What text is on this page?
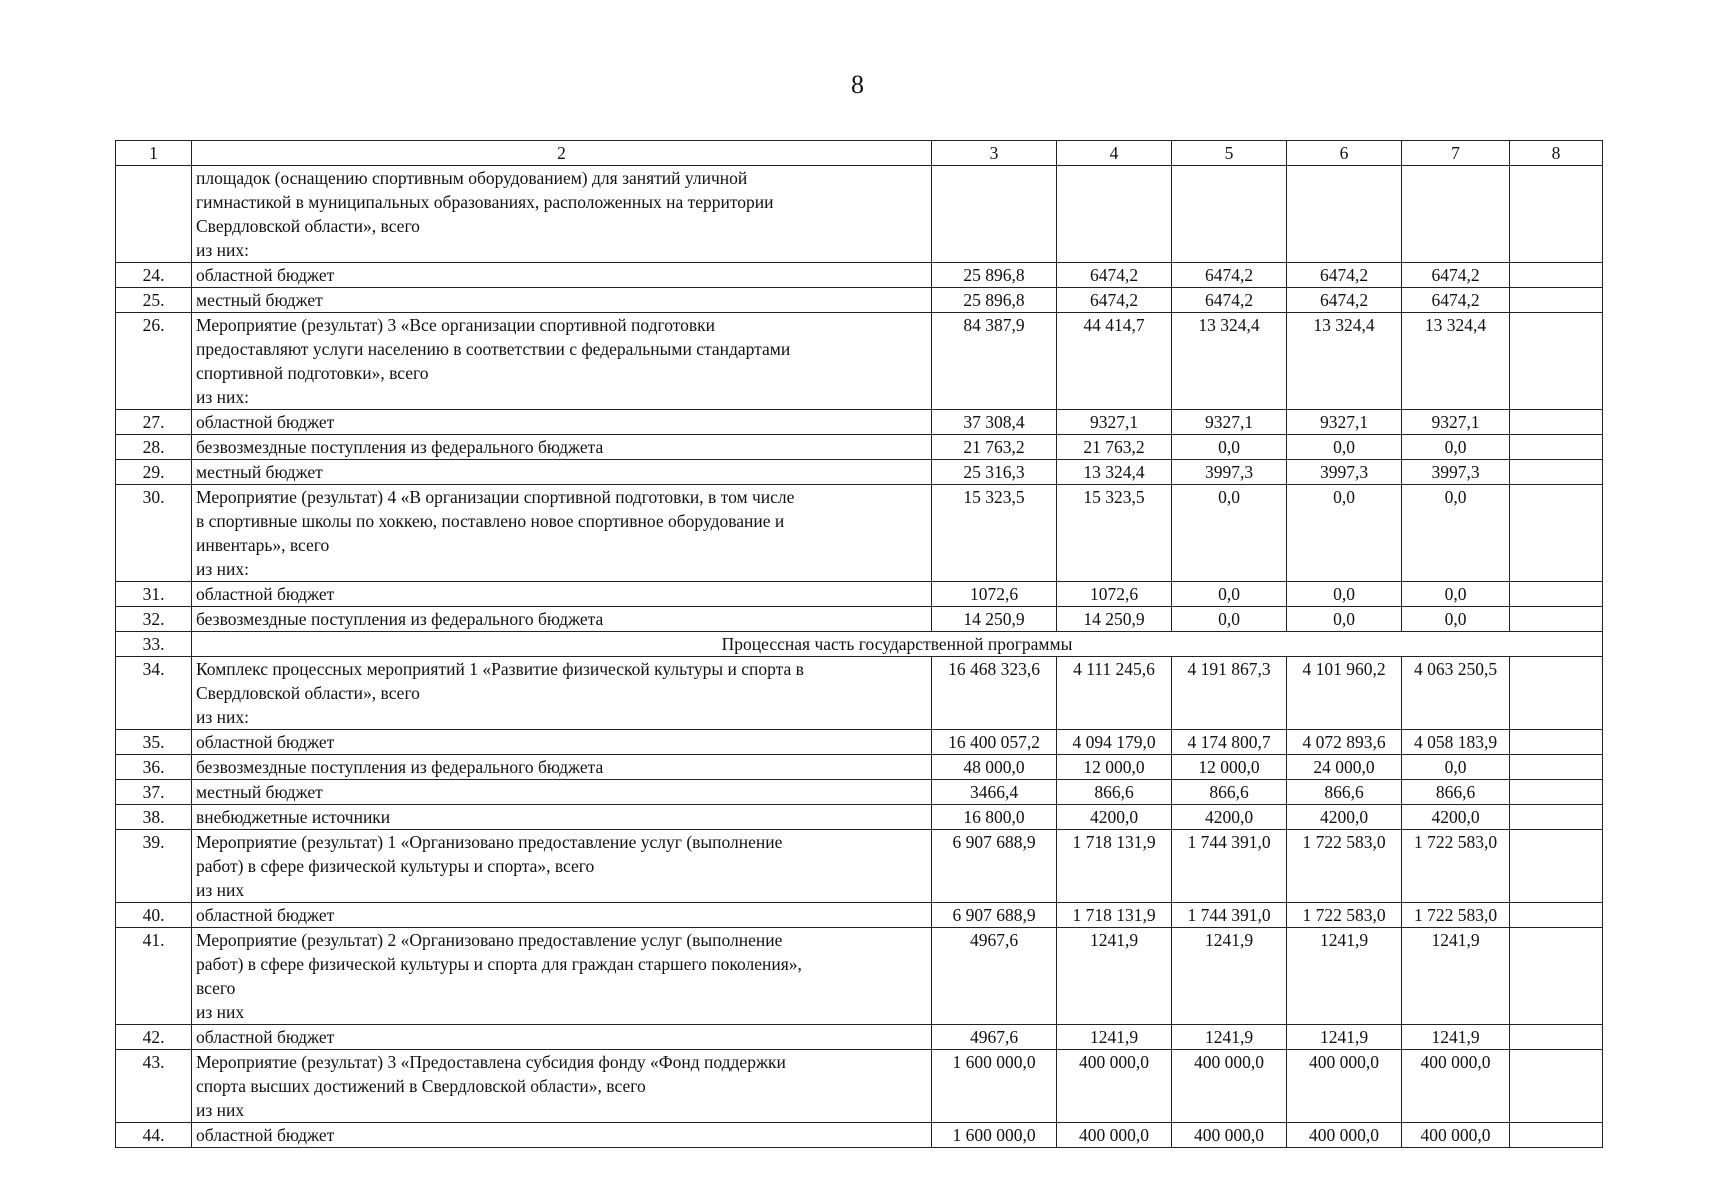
8
1	2	3	4	5	6	7	8

	площадок (оснащению спортивным оборудованием) для занятий уличной
гимнастикой в муниципальных образованиях, расположенных на территории
Свердловской области», всего
из них:						

24.	областной бюджет	25 896,8	6474,2	6474,2	6474,2	6474,2	
25.	местный бюджет	25 896,8	6474,2	6474,2	6474,2	6474,2	
26.	Мероприятие (результат) 3 «Все организации спортивной подготовки
предоставляют услуги населению в соответствии с федеральными стандартами
спортивной подготовки», всего
из них:	84 387,9	44 414,7	13 324,4	13 324,4	13 324,4	
27.	областной бюджет	37 308,4	9327,1	9327,1	9327,1	9327,1	
28.	безвозмездные поступления из федерального бюджета	21 763,2	21 763,2	0,0	0,0	0,0	
29.	местный бюджет	25 316,3	13 324,4	3997,3	3997,3	3997,3	
30.	Мероприятие (результат) 4 «В организации спортивной подготовки, в том числе
в спортивные школы по хоккею, поставлено новое спортивное оборудование и
инвентарь», всего
из них:	15 323,5	15 323,5	0,0	0,0	0,0	
31.	областной бюджет	1072,6	1072,6	0,0	0,0	0,0	
32.	безвозмездные поступления из федерального бюджета	14 250,9	14 250,9	0,0	0,0	0,0	
33.	Процессная часть государственной программы						
34.	Комплекс процессных мероприятий 1 «Развитие физической культуры и спорта в
Свердловской области», всего
из них:	16 468 323,6	4 111 245,6	4 191 867,3	4 101 960,2	4 063 250,5	
35.	областной бюджет	16 400 057,2	4 094 179,0	4 174 800,7	4 072 893,6	4 058 183,9	
36.	безвозмездные поступления из федерального бюджета	48 000,0	12 000,0	12 000,0	24 000,0	0,0	
37.	местный бюджет	3466,4	866,6	866,6	866,6	866,6	
38.	внебюджетные источники	16 800,0	4200,0	4200,0	4200,0	4200,0	
39.	Мероприятие (результат) 1 «Организовано предоставление услуг (выполнение
работ) в сфере физической культуры и спорта», всего
из них	6 907 688,9	1 718 131,9	1 744 391,0	1 722 583,0	1 722 583,0	
40.	областной бюджет	6 907 688,9	1 718 131,9	1 744 391,0	1 722 583,0	1 722 583,0	
41.	Мероприятие (результат) 2 «Организовано предоставление услуг (выполнение
работ) в сфере физической культуры и спорта для граждан старшего поколения»,
всего
из них	4967,6	1241,9	1241,9	1241,9	1241,9	
42.	областной бюджет	4967,6	1241,9	1241,9	1241,9	1241,9	
43.	Мероприятие (результат) 3 «Предоставлена субсидия фонду «Фонд поддержки
спорта высших достижений в Свердловской области», всего
из них	1 600 000,0	400 000,0	400 000,0	400 000,0	400 000,0	
44.	областной бюджет	1 600 000,0	400 000,0	400 000,0	400 000,0	400 000,0	
